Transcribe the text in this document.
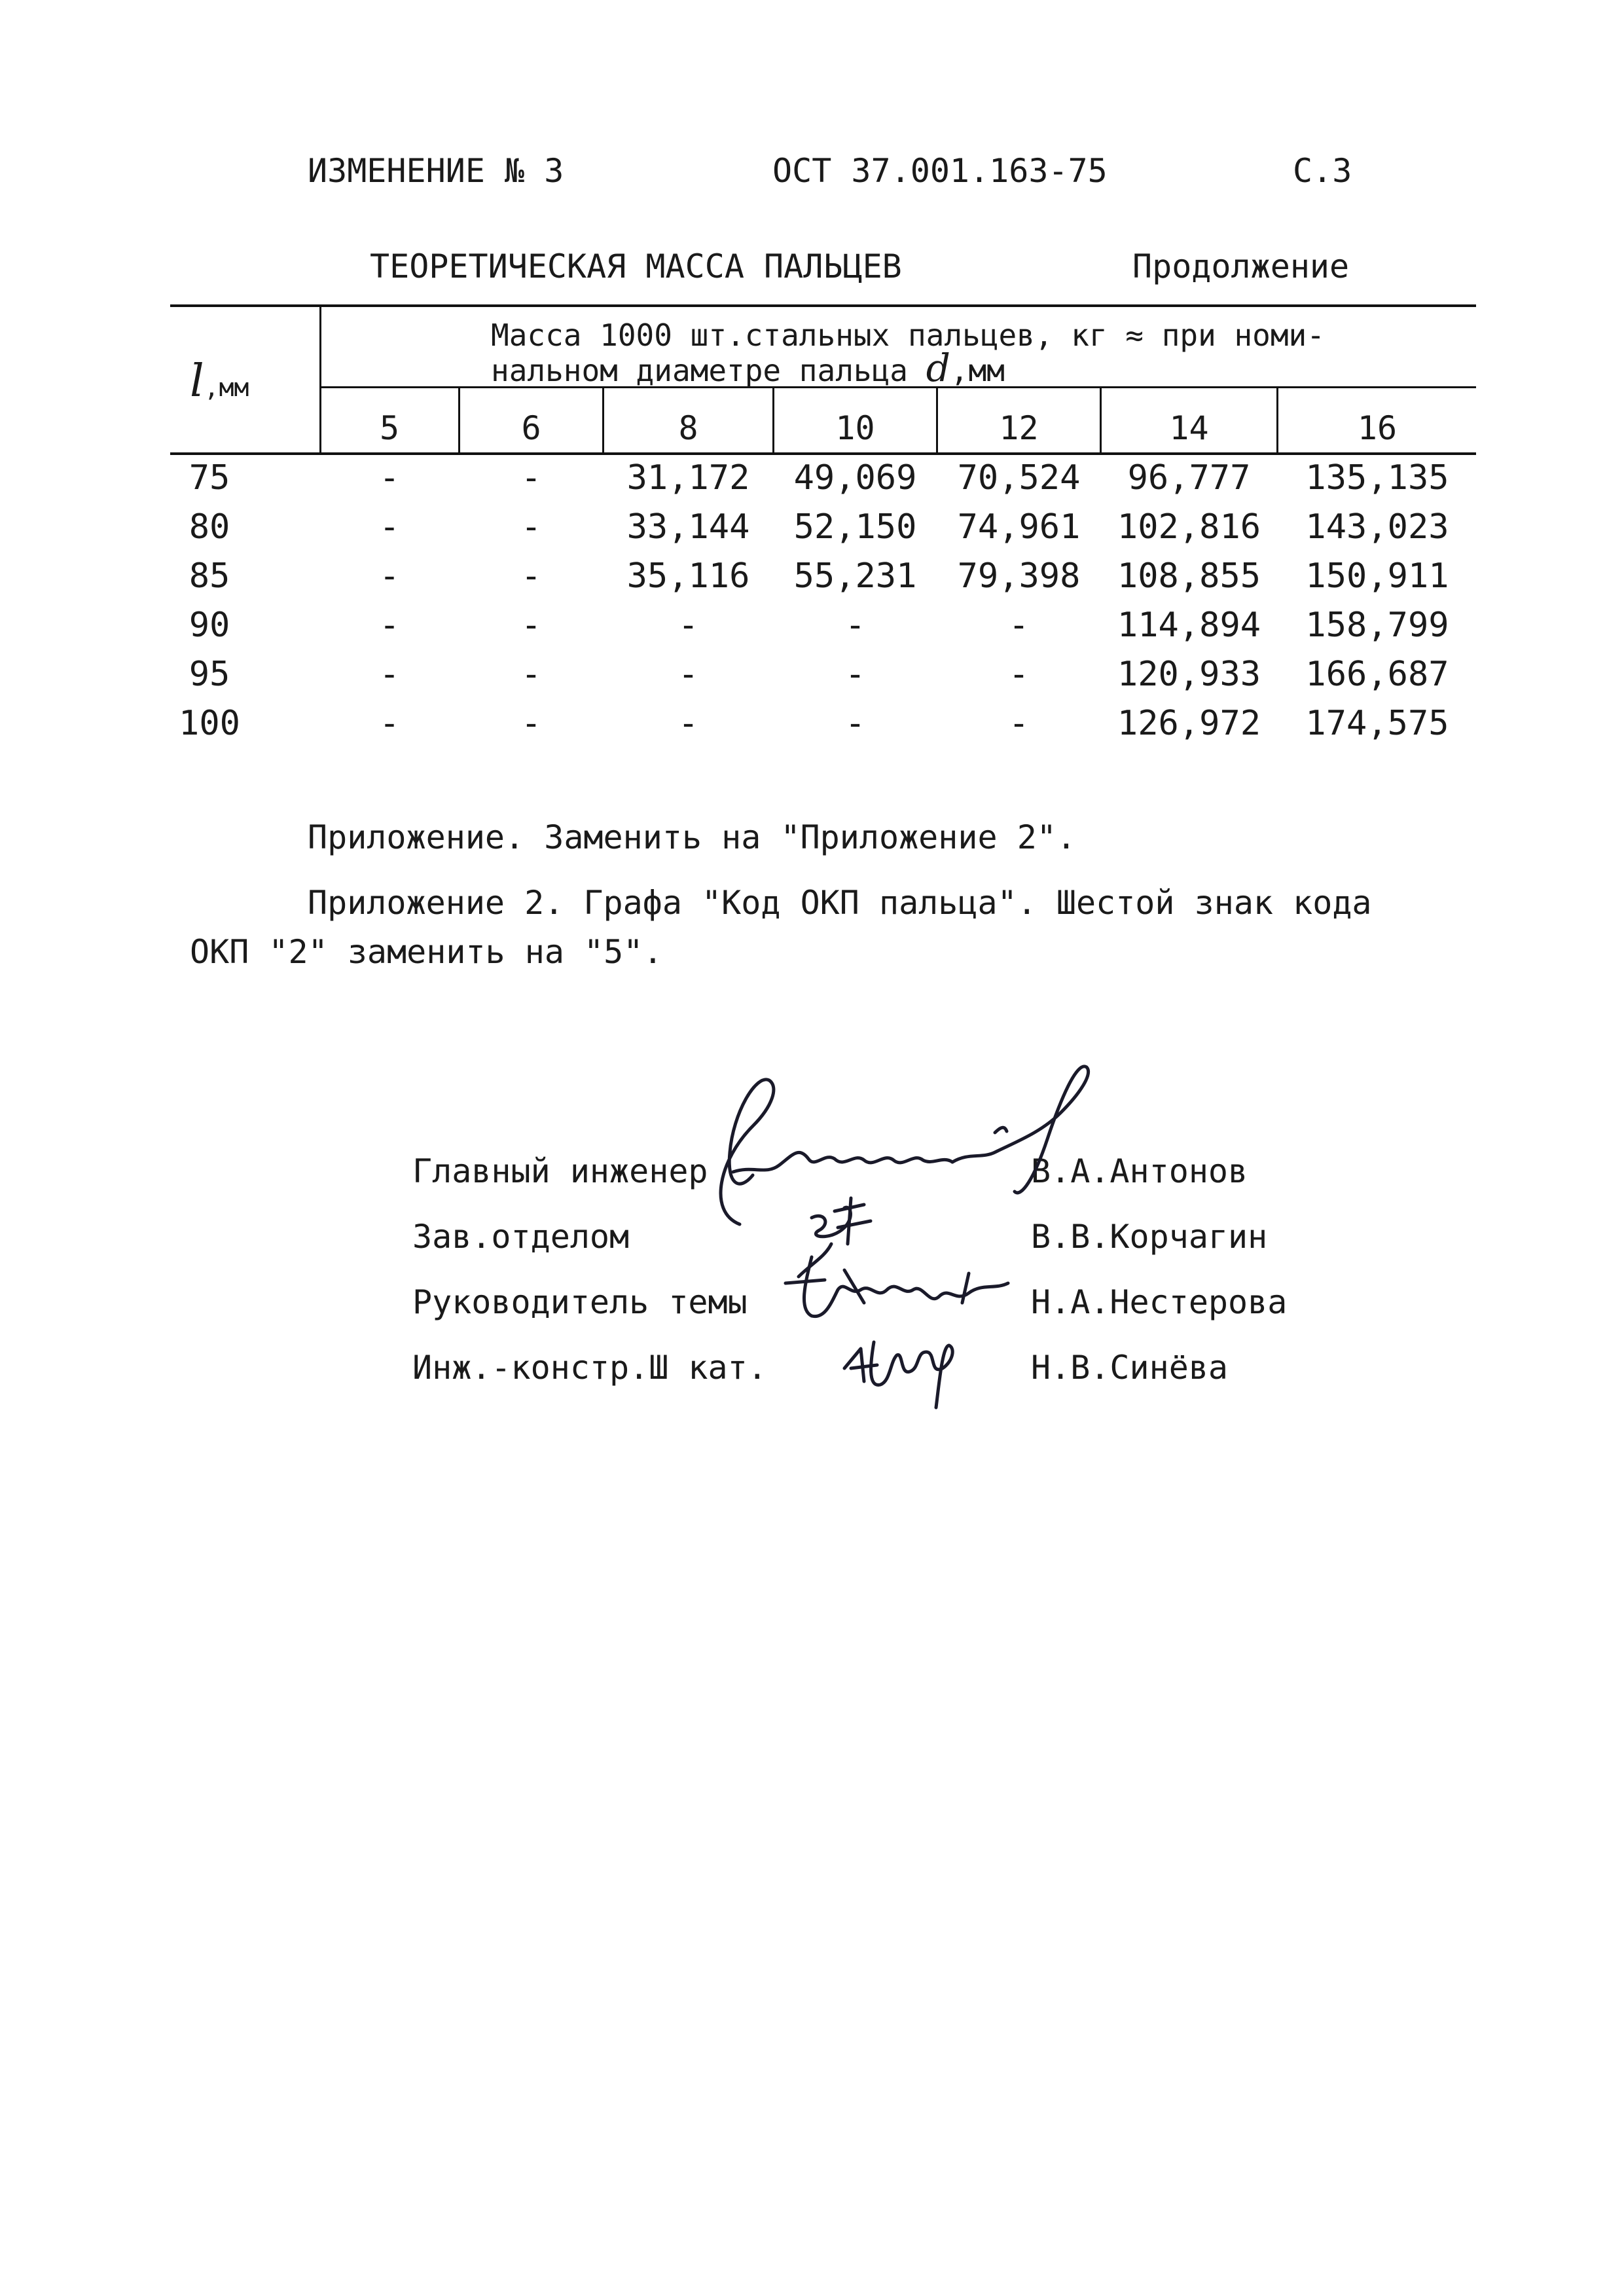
ИЗМЕНЕНИЕ № 3	ОСТ 37.001.163-75	С.3
ТЕОРЕТИЧЕСКАЯ МАССА ПАЛЬЦЕВ	Продолжение
l,мм
Масса 1000 шт.стальных пальцев, кг ≈ при номи-
нальном диаметре пальца d,мм
5	6	8	10	12	14	16
75	-	-	31,172	49,069	70,524	96,777	135,135
80	-	-	33,144	52,150	74,961	102,816	143,023
85	-	-	35,116	55,231	79,398	108,855	150,911
90	-	-	-	-	-	114,894	158,799
95	-	-	-	-	-	120,933	166,687
100	-	-	-	-	-	126,972	174,575
Приложение. Заменить на "Приложение 2".
Приложение 2. Графа "Код ОКП пальца". Шестой знак кода
ОКП "2" заменить на "5".
Главный инженер	В.А.Антонов
Зав.отделом	В.В.Корчагин
Руководитель темы	Н.А.Нестерова
Инж.-констр.Ш кат.	Н.В.Синёва
